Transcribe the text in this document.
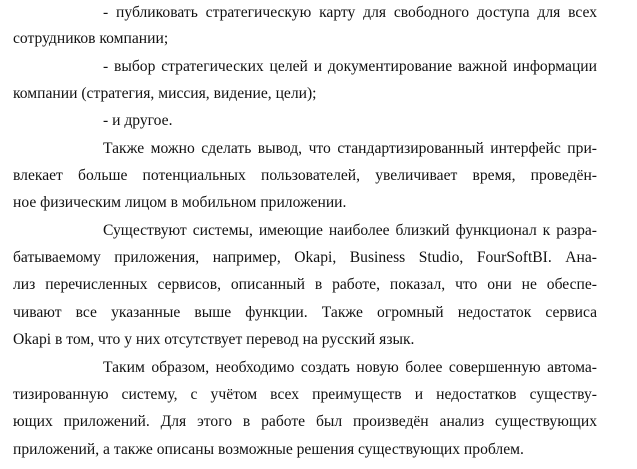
- публиковать стратегическую карту для свободного доступа для всех
сотрудников компании;
- выбор стратегических целей и документирование важной информации
компании (стратегия, миссия, видение, цели);
- и другое.
Также можно сделать вывод, что стандартизированный интерфейс при-
влекает больше потенциальных пользователей, увеличивает время, проведён-
ное физическим лицом в мобильном приложении.
Существуют системы, имеющие наиболее близкий функционал к разра-
батываемому приложения, например, Okapi, Business Studio, FourSoftBI. Ана-
лиз перечисленных сервисов, описанный в работе, показал, что они не обеспе-
чивают все указанные выше функции. Также огромный недостаток сервиса
Okapi в том, что у них отсутствует перевод на русский язык.
Таким образом, необходимо создать новую более совершенную автома-
тизированную систему, с учётом всех преимуществ и недостатков существу-
ющих приложений. Для этого в работе был произведён анализ существующих
приложений, а также описаны возможные решения существующих проблем.
